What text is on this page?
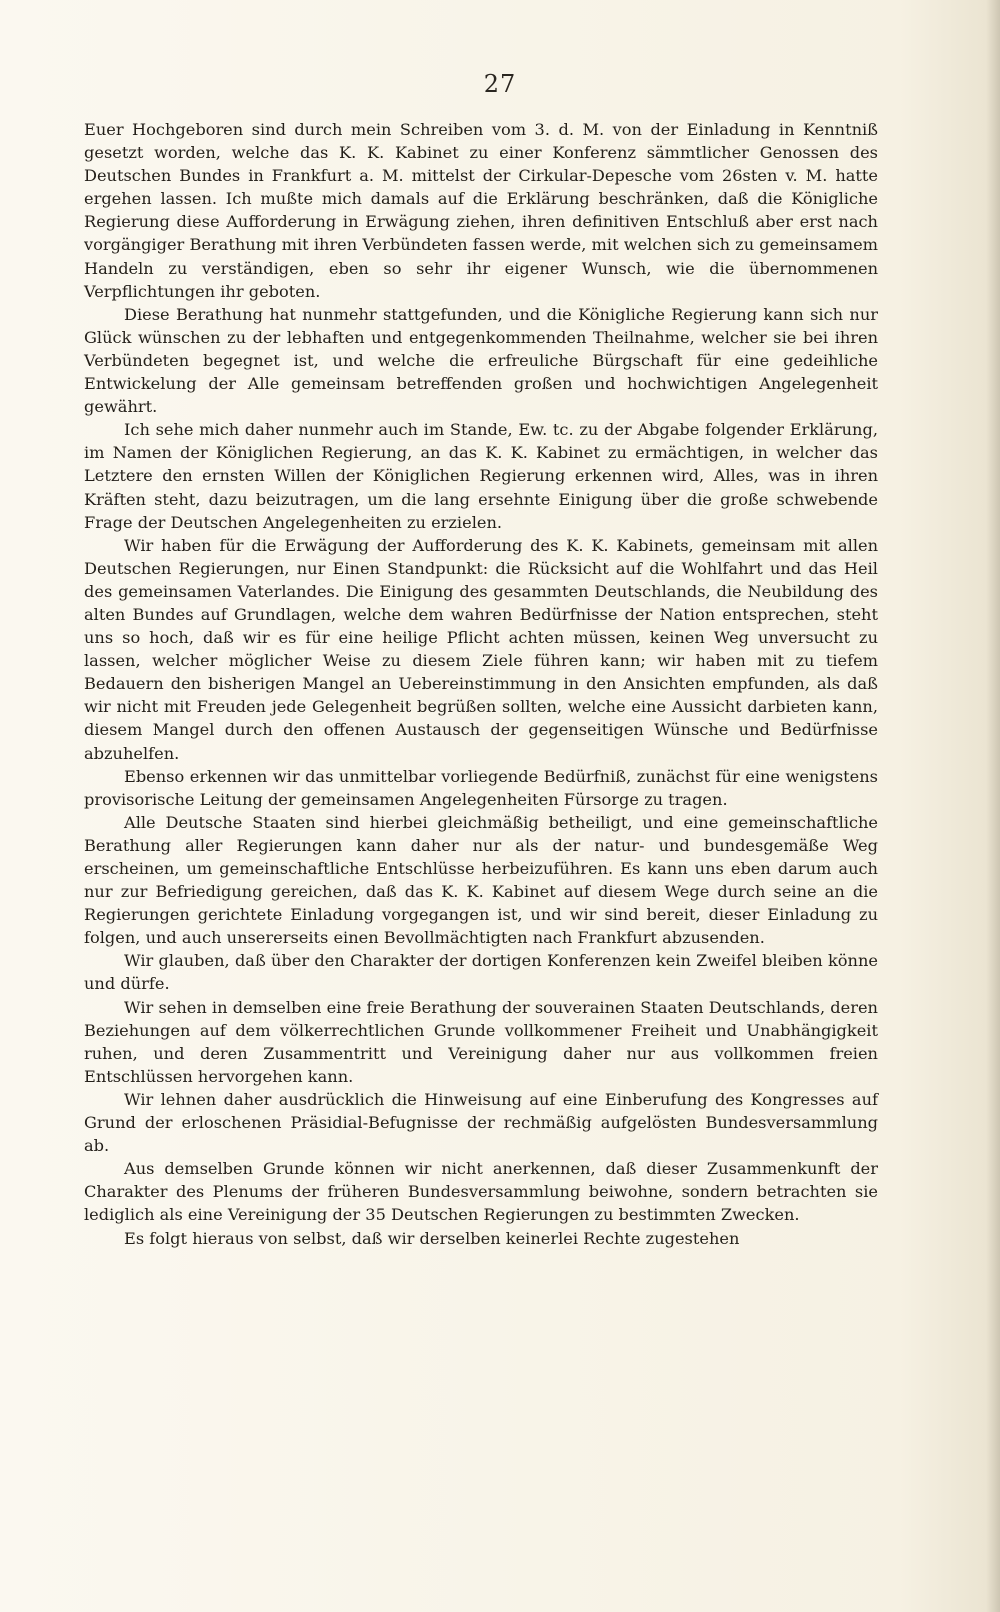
27

Euer Hochgeboren sind durch mein Schreiben vom 3. d. M. von der Einladung in Kenntniß gesetzt worden, welche das K. K. Kabinet zu einer Konferenz sämmtlicher Genossen des Deutschen Bundes in Frankfurt a. M. mittelst der Cirkular-Depesche vom 26sten v. M. hatte ergehen lassen. Ich mußte mich damals auf die Erklärung beschränken, daß die Königliche Regierung diese Aufforderung in Erwägung ziehen, ihren definitiven Entschluß aber erst nach vorgängiger Berathung mit ihren Verbündeten fassen werde, mit welchen sich zu gemeinsamem Handeln zu verständigen, eben so sehr ihr eigener Wunsch, wie die übernommenen Verpflichtungen ihr geboten.

Diese Berathung hat nunmehr stattgefunden, und die Königliche Regierung kann sich nur Glück wünschen zu der lebhaften und entgegenkommenden Theilnahme, welcher sie bei ihren Verbündeten begegnet ist, und welche die erfreuliche Bürgschaft für eine gedeihliche Entwickelung der Alle gemeinsam betreffenden großen und hochwichtigen Angelegenheit gewährt.

Ich sehe mich daher nunmehr auch im Stande, Ew. tc. zu der Abgabe folgender Erklärung, im Namen der Königlichen Regierung, an das K. K. Kabinet zu ermächtigen, in welcher das Letztere den ernsten Willen der Königlichen Regierung erkennen wird, Alles, was in ihren Kräften steht, dazu beizutragen, um die lang ersehnte Einigung über die große schwebende Frage der Deutschen Angelegenheiten zu erzielen.

Wir haben für die Erwägung der Aufforderung des K. K. Kabinets, gemeinsam mit allen Deutschen Regierungen, nur Einen Standpunkt: die Rücksicht auf die Wohlfahrt und das Heil des gemeinsamen Vaterlandes. Die Einigung des gesammten Deutschlands, die Neubildung des alten Bundes auf Grundlagen, welche dem wahren Bedürfnisse der Nation entsprechen, steht uns so hoch, daß wir es für eine heilige Pflicht achten müssen, keinen Weg unversucht zu lassen, welcher möglicher Weise zu diesem Ziele führen kann; wir haben mit zu tiefem Bedauern den bisherigen Mangel an Uebereinstimmung in den Ansichten empfunden, als daß wir nicht mit Freuden jede Gelegenheit begrüßen sollten, welche eine Aussicht darbieten kann, diesem Mangel durch den offenen Austausch der gegenseitigen Wünsche und Bedürfnisse abzuhelfen.

Ebenso erkennen wir das unmittelbar vorliegende Bedürfniß, zunächst für eine wenigstens provisorische Leitung der gemeinsamen Angelegenheiten Fürsorge zu tragen.

Alle Deutsche Staaten sind hierbei gleichmäßig betheiligt, und eine gemeinschaftliche Berathung aller Regierungen kann daher nur als der natur- und bundesgemäße Weg erscheinen, um gemeinschaftliche Entschlüsse herbeizuführen. Es kann uns eben darum auch nur zur Befriedigung gereichen, daß das K. K. Kabinet auf diesem Wege durch seine an die Regierungen gerichtete Einladung vorgegangen ist, und wir sind bereit, dieser Einladung zu folgen, und auch unsererseits einen Bevollmächtigten nach Frankfurt abzusenden.

Wir glauben, daß über den Charakter der dortigen Konferenzen kein Zweifel bleiben könne und dürfe.

Wir sehen in demselben eine freie Berathung der souverainen Staaten Deutschlands, deren Beziehungen auf dem völkerrechtlichen Grunde vollkommener Freiheit und Unabhängigkeit ruhen, und deren Zusammentritt und Vereinigung daher nur aus vollkommen freien Entschlüssen hervorgehen kann.

Wir lehnen daher ausdrücklich die Hinweisung auf eine Einberufung des Kongresses auf Grund der erloschenen Präsidial-Befugnisse der rechmäßig aufgelösten Bundesversammlung ab.

Aus demselben Grunde können wir nicht anerkennen, daß dieser Zusammenkunft der Charakter des Plenums der früheren Bundesversammlung beiwohne, sondern betrachten sie lediglich als eine Vereinigung der 35 Deutschen Regierungen zu bestimmten Zwecken.

Es folgt hieraus von selbst, daß wir derselben keinerlei Rechte zugestehen
